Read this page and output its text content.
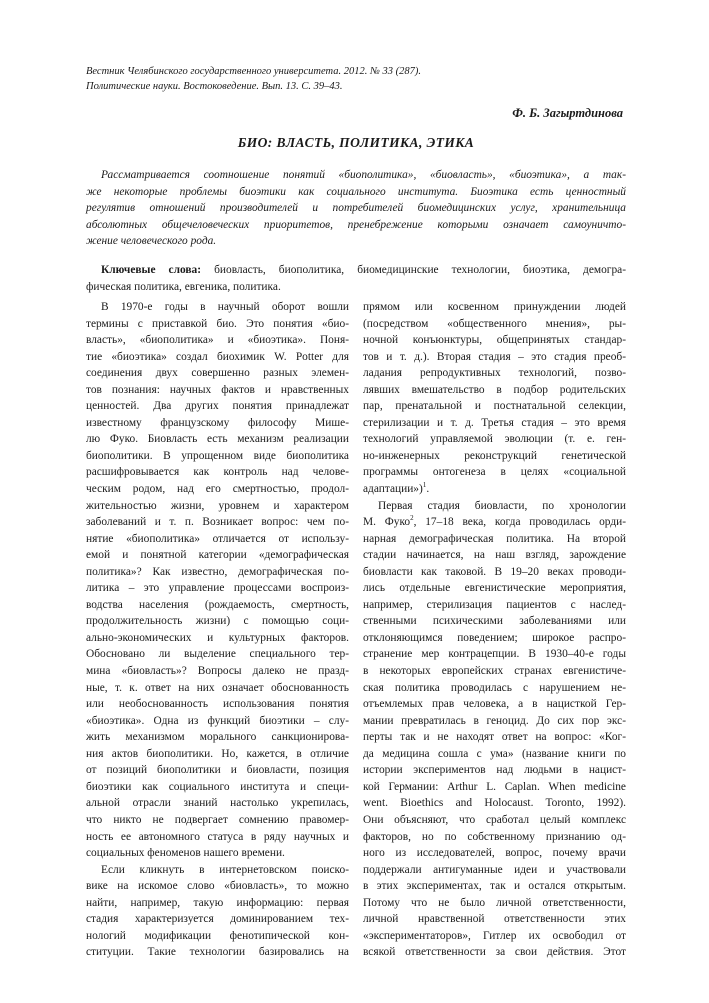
Вестник Челябинского государственного университета. 2012. № 33 (287).
Политические науки. Востоковедение. Вып. 13. С. 39–43.
Ф. Б. Загыртдинова
БИО: ВЛАСТЬ, ПОЛИТИКА, ЭТИКА
Рассматривается соотношение понятий «биополитика», «биовласть», «биоэтика», а так-
же некоторые проблемы биоэтики как социального института. Биоэтика есть ценностный
регулятив отношений производителей и потребителей биомедицинских услуг, хранительница
абсолютных общечеловеческих приоритетов, пренебрежение которыми означает самоуничто-
жение человеческого рода.
Ключевые слова: биовласть, биополитика, биомедицинские технологии, биоэтика, демогра-
фическая политика, евгеника, политика.
В 1970-е годы в научный оборот вошли
термины с приставкой био. Это понятия «био-
власть», «биополитика» и «биоэтика». Поня-
тие «биоэтика» создал биохимик W. Potter для
соединения двух совершенно разных элемен-
тов познания: научных фактов и нравственных
ценностей. Два других понятия принадлежат
известному французскому философу Мише-
лю Фуко. Биовласть есть механизм реализации
биополитики. В упрощенном виде биополитика
расшифровывается как контроль над челове-
ческим родом, над его смертностью, продол-
жительностью жизни, уровнем и характером
заболеваний и т. п. Возникает вопрос: чем по-
нятие «биополитика» отличается от использу-
емой и понятной категории «демографическая
политика»? Как известно, демографическая по-
литика – это управление процессами воспроиз-
водства населения (рождаемость, смертность,
продолжительность жизни) с помощью соци-
ально-экономических и культурных факторов.
Обосновано ли выделение специального тер-
мина «биовласть»? Вопросы далеко не празд-
ные, т. к. ответ на них означает обоснованность
или необоснованность использования понятия
«биоэтика». Одна из функций биоэтики – слу-
жить механизмом морального санкционирова-
ния актов биополитики. Но, кажется, в отличие
от позиций биополитики и биовласти, позиция
биоэтики как социального института и специ-
альной отрасли знаний настолько укрепилась,
что никто не подвергает сомнению правомер-
ность ее автономного статуса в ряду научных и
социальных феноменов нашего времени.
Если кликнуть в интернетовском поиско-
вике на искомое слово «биовласть», то можно
найти, например, такую информацию: первая
стадия характеризуется доминированием тех-
нологий модификации фенотипической кон-
ституции. Такие технологии базировались на
прямом или косвенном принуждении людей
(посредством «общественного мнения», ры-
ночной конъюнктуры, общепринятых стандар-
тов и т. д.). Вторая стадия – это стадия преоб-
ладания репродуктивных технологий, позво-
лявших вмешательство в подбор родительских
пар, пренатальной и постнатальной селекции,
стерилизации и т. д. Третья стадия – это время
технологий управляемой эволюции (т. е. ген-
но-инженерных реконструкций генетической
программы онтогенеза в целях «социальной
адаптации»)$^1$.
Первая стадия биовласти, по хронологии
М. Фуко$^2$, 17–18 века, когда проводилась орди-
нарная демографическая политика. На второй
стадии начинается, на наш взгляд, зарождение
биовласти как таковой. В 19–20 веках проводи-
лись отдельные евгенистические мероприятия,
например, стерилизация пациентов с наслед-
ственными психическими заболеваниями или
отклоняющимся поведением; широкое распро-
странение мер контрацепции. В 1930–40-е годы
в некоторых европейских странах евгенистиче-
ская политика проводилась с нарушением не-
отъемлемых прав человека, а в нацисткой Гер-
мании превратилась в геноцид. До сих пор экс-
перты так и не находят ответ на вопрос: «Ког-
да медицина сошла с ума» (название книги по
истории экспериментов над людьми в нацист-
кой Германии: Arthur L. Caplan. When medicine
went. Bioethics and Holocaust. Toronto, 1992).
Они объясняют, что сработал целый комплекс
факторов, но по собственному признанию од-
ного из исследователей, вопрос, почему врачи
поддержали антигуманные идеи и участвовали
в этих экспериментах, так и остался открытым.
Потому что не было личной ответственности,
личной нравственной ответственности этих
«экспериментаторов», Гитлер их освободил от
всякой ответственности за свои действия. Этот
